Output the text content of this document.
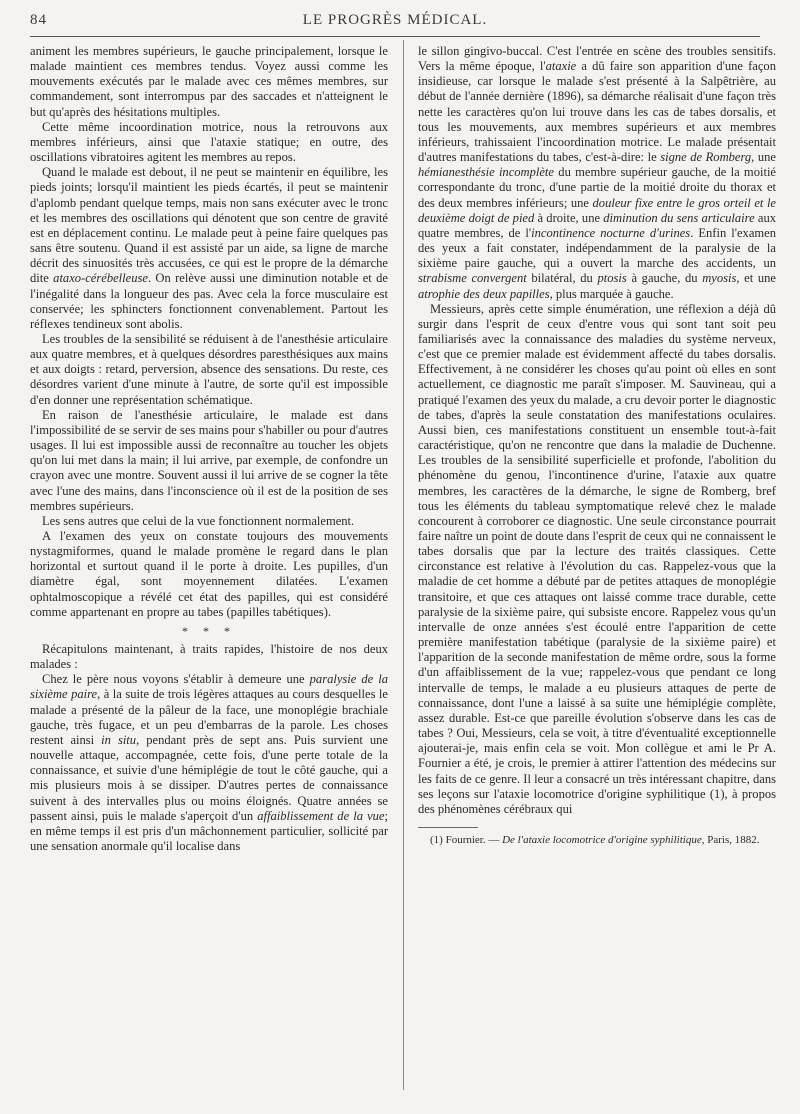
84	LE PROGRÈS MÉDICAL.

animent les membres supérieurs, le gauche principalement, lorsque le malade maintient ces membres tendus. Voyez aussi comme les mouvements exécutés par le malade avec ces mêmes membres, sur commandement, sont interrompus par des saccades et n'atteignent le but qu'après des hésitations multiples.

Cette même incoordination motrice, nous la retrouvons aux membres inférieurs, ainsi que l'ataxie statique; en outre, des oscillations vibratoires agitent les membres au repos.

Quand le malade est debout, il ne peut se maintenir en équilibre, les pieds joints; lorsqu'il maintient les pieds écartés, il peut se maintenir d'aplomb pendant quelque temps, mais non sans exécuter avec le tronc et les membres des oscillations qui dénotent que son centre de gravité est en déplacement continu. Le malade peut à peine faire quelques pas sans être soutenu. Quand il est assisté par un aide, sa ligne de marche décrit des sinuosités très accusées, ce qui est le propre de la démarche dite ataxo-cérébelleuse. On relève aussi une diminution notable et de l'inégalité dans la longueur des pas. Avec cela la force musculaire est conservée; les sphincters fonctionnent convenablement. Partout les réflexes tendineux sont abolis.

Les troubles de la sensibilité se réduisent à de l'anesthésie articulaire aux quatre membres, et à quelques désordres paresthésiques aux mains et aux doigts : retard, perversion, absence des sensations. Du reste, ces désordres varient d'une minute à l'autre, de sorte qu'il est impossible d'en donner une représentation schématique.

En raison de l'anesthésie articulaire, le malade est dans l'impossibilité de se servir de ses mains pour s'habiller ou pour d'autres usages. Il lui est impossible aussi de reconnaître au toucher les objets qu'on lui met dans la main; il lui arrive, par exemple, de confondre un crayon avec une montre. Souvent aussi il lui arrive de se cogner la tête avec l'une des mains, dans l'inconscience où il est de la position de ses membres supérieurs.

Les sens autres que celui de la vue fonctionnent normalement.

A l'examen des yeux on constate toujours des mouvements nystagmiformes, quand le malade promène le regard dans le plan horizontal et surtout quand il le porte à droite. Les pupilles, d'un diamètre égal, sont moyennement dilatées. L'examen ophtalmoscopique a révélé cet état des papilles, qui est considéré comme appartenant en propre au tabes (papilles tabétiques).

* * *

Récapitulons maintenant, à traits rapides, l'histoire de nos deux malades :

Chez le père nous voyons s'établir à demeure une paralysie de la sixième paire, à la suite de trois légères attaques au cours desquelles le malade a présenté de la pâleur de la face, une monoplégie brachiale gauche, très fugace, et un peu d'embarras de la parole. Les choses restent ainsi in situ, pendant près de sept ans. Puis survient une nouvelle attaque, accompagnée, cette fois, d'une perte totale de la connaissance, et suivie d'une hémiplégie de tout le côté gauche, qui a mis plusieurs mois à se dissiper. D'autres pertes de connaissance suivent à des intervalles plus ou moins éloignés. Quatre années se passent ainsi, puis le malade s'aperçoit d'un affaiblissement de la vue; en même temps il est pris d'un mâchonnement particulier, sollicité par une sensation anormale qu'il localise dans

le sillon gingivo-buccal. C'est l'entrée en scène des troubles sensitifs. Vers la même époque, l'ataxie a dû faire son apparition d'une façon insidieuse, car lorsque le malade s'est présenté à la Salpêtrière, au début de l'année dernière (1896), sa démarche réalisait d'une façon très nette les caractères qu'on lui trouve dans les cas de tabes dorsalis, et tous les mouvements, aux membres supérieurs et aux membres inférieurs, trahissaient l'incoordination motrice. Le malade présentait d'autres manifestations du tabes, c'est-à-dire: le signe de Romberg, une hémianesthésie incomplète du membre supérieur gauche, de la moitié correspondante du tronc, d'une partie de la moitié droite du thorax et des deux membres inférieurs; une douleur fixe entre le gros orteil et le deuxième doigt de pied à droite, une diminution du sens articulaire aux quatre membres, de l'incontinence nocturne d'urines. Enfin l'examen des yeux a fait constater, indépendamment de la paralysie de la sixième paire gauche, qui a ouvert la marche des accidents, un strabisme convergent bilatéral, du ptosis à gauche, du myosis, et une atrophie des deux papilles, plus marquée à gauche.

Messieurs, après cette simple énumération, une réflexion a déjà dû surgir dans l'esprit de ceux d'entre vous qui sont tant soit peu familiarisés avec la connaissance des maladies du système nerveux, c'est que ce premier malade est évidemment affecté du tabes dorsalis. Effectivement, à ne considérer les choses qu'au point où elles en sont actuellement, ce diagnostic me paraît s'imposer. M. Sauvineau, qui a pratiqué l'examen des yeux du malade, a cru devoir porter le diagnostic de tabes, d'après la seule constatation des manifestations oculaires. Aussi bien, ces manifestations constituent un ensemble tout-à-fait caractéristique, qu'on ne rencontre que dans la maladie de Duchenne. Les troubles de la sensibilité superficielle et profonde, l'abolition du phénomène du genou, l'incontinence d'urine, l'ataxie aux quatre membres, les caractères de la démarche, le signe de Romberg, bref tous les éléments du tableau symptomatique relevé chez le malade concourent à corroborer ce diagnostic. Une seule circonstance pourrait faire naître un point de doute dans l'esprit de ceux qui ne connaissent le tabes dorsalis que par la lecture des traités classiques. Cette circonstance est relative à l'évolution du cas. Rappelez-vous que la maladie de cet homme a débuté par de petites attaques de monoplégie transitoire, et que ces attaques ont laissé comme trace durable, cette paralysie de la sixième paire, qui subsiste encore. Rappelez vous qu'un intervalle de onze années s'est écoulé entre l'apparition de cette première manifestation tabétique (paralysie de la sixième paire) et l'apparition de la seconde manifestation de même ordre, sous la forme d'un affaiblissement de la vue; rappelez-vous que pendant ce long intervalle de temps, le malade a eu plusieurs attaques de perte de connaissance, dont l'une a laissé à sa suite une hémiplégie complète, assez durable. Est-ce que pareille évolution s'observe dans les cas de tabes ? Oui, Messieurs, cela se voit, à titre d'éventualité exceptionnelle ajouterai-je, mais enfin cela se voit. Mon collègue et ami le Pr A. Fournier a été, je crois, le premier à attirer l'attention des médecins sur les faits de ce genre. Il leur a consacré un très intéressant chapitre, dans ses leçons sur l'ataxie locomotrice d'origine syphilitique (1), à propos des phénomènes cérébraux qui

(1) Fournier. — De l'ataxie locomotrice d'origine syphilitique, Paris, 1882.
